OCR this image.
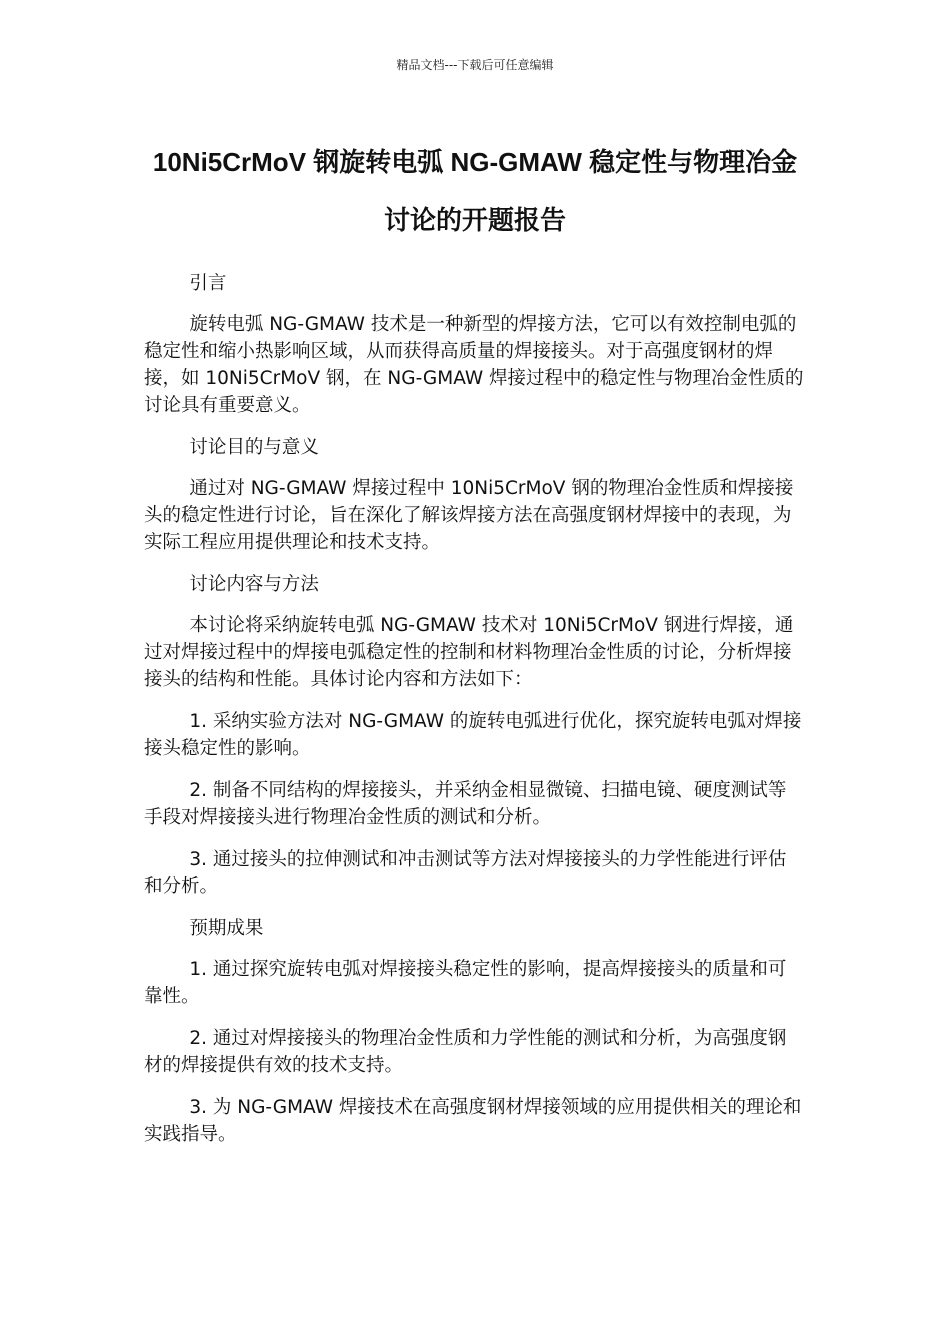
精品文档---下载后可任意编辑
10Ni5CrMoV 钢旋转电弧 NG-GMAW 稳定性与物理冶金讨论的开题报告

引言

旋转电弧 NG-GMAW 技术是一种新型的焊接方法，它可以有效控制电弧的稳定性和缩小热影响区域，从而获得高质量的焊接接头。对于高强度钢材的焊接，如 10Ni5CrMoV 钢，在 NG-GMAW 焊接过程中的稳定性与物理冶金性质的讨论具有重要意义。

讨论目的与意义

通过对 NG-GMAW 焊接过程中 10Ni5CrMoV 钢的物理冶金性质和焊接接头的稳定性进行讨论，旨在深化了解该焊接方法在高强度钢材焊接中的表现，为实际工程应用提供理论和技术支持。

讨论内容与方法

本讨论将采纳旋转电弧 NG-GMAW 技术对 10Ni5CrMoV 钢进行焊接，通过对焊接过程中的焊接电弧稳定性的控制和材料物理冶金性质的讨论，分析焊接接头的结构和性能。具体讨论内容和方法如下：

1. 采纳实验方法对 NG-GMAW 的旋转电弧进行优化，探究旋转电弧对焊接接头稳定性的影响。

2. 制备不同结构的焊接接头，并采纳金相显微镜、扫描电镜、硬度测试等手段对焊接接头进行物理冶金性质的测试和分析。

3. 通过接头的拉伸测试和冲击测试等方法对焊接接头的力学性能进行评估和分析。

预期成果

1. 通过探究旋转电弧对焊接接头稳定性的影响，提高焊接接头的质量和可靠性。

2. 通过对焊接接头的物理冶金性质和力学性能的测试和分析，为高强度钢材的焊接提供有效的技术支持。

3. 为 NG-GMAW 焊接技术在高强度钢材焊接领域的应用提供相关的理论和实践指导。
